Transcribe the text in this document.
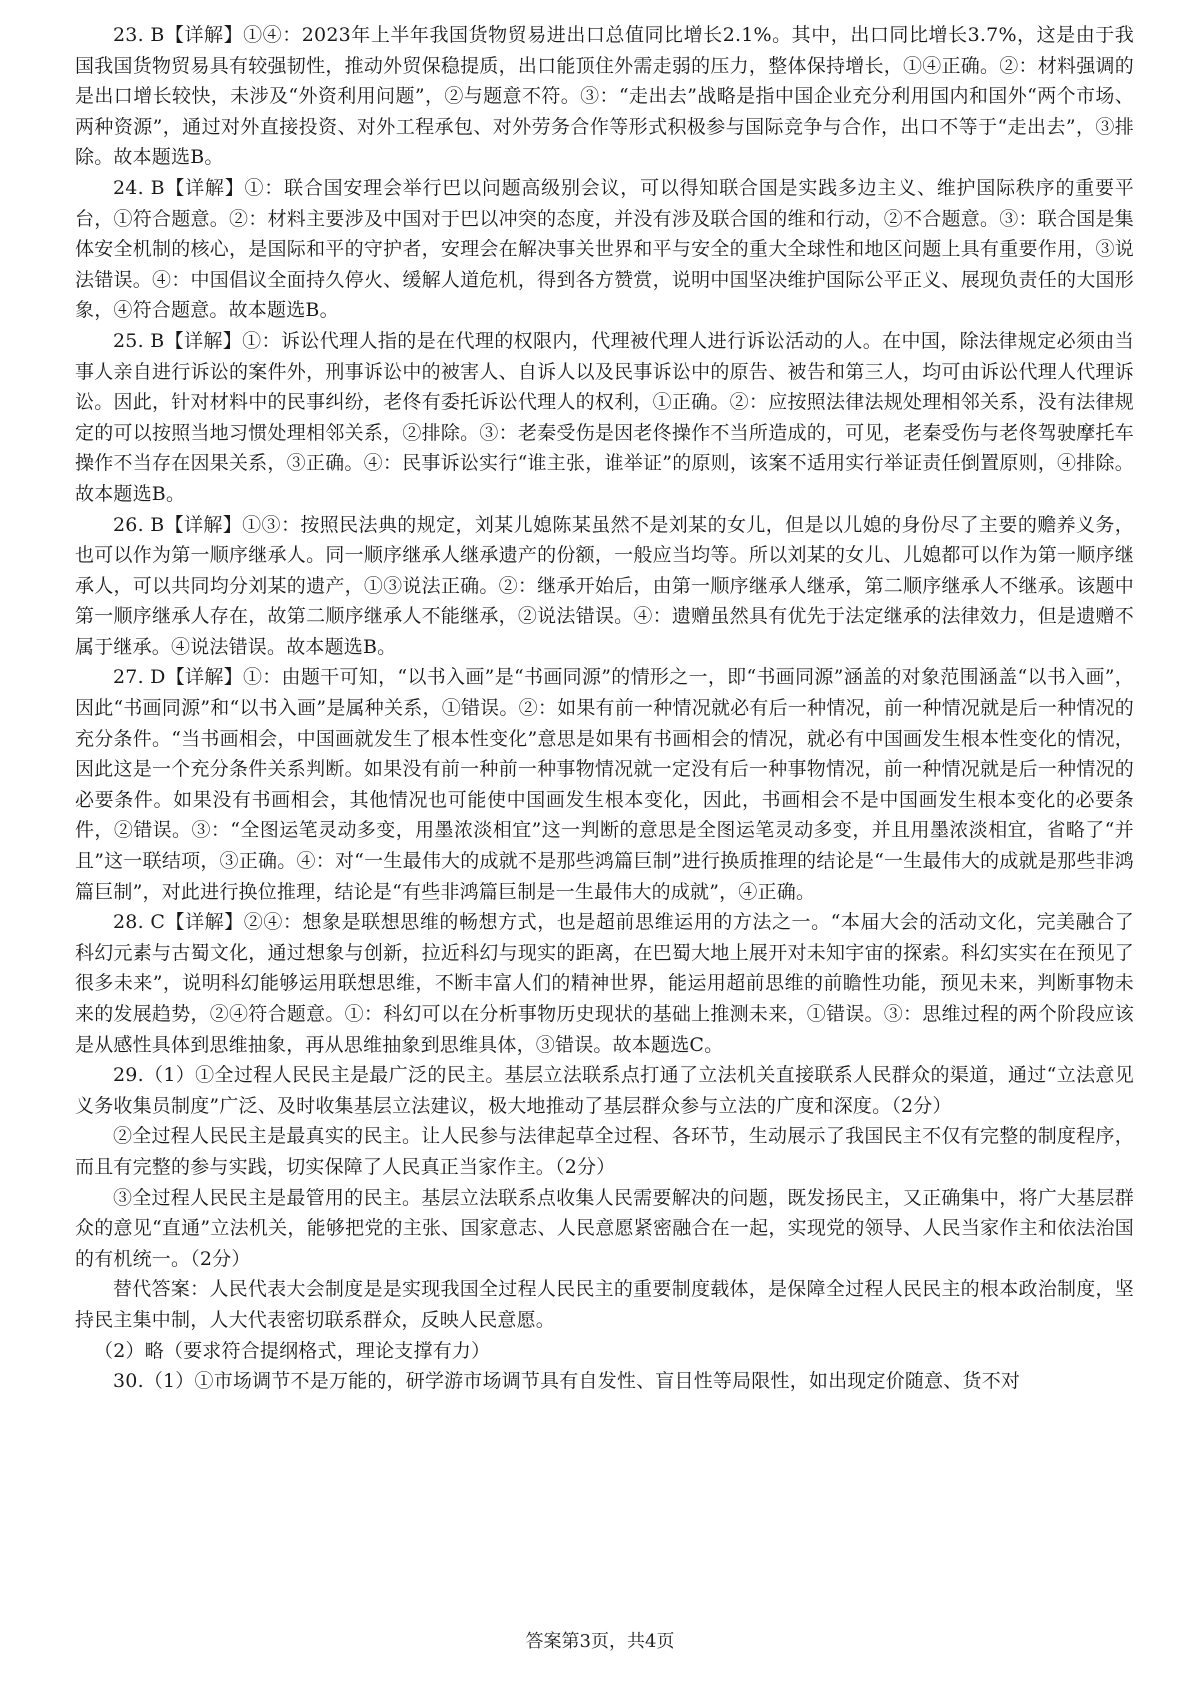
23. B【详解】①④：2023年上半年我国货物贸易进出口总值同比增长2.1%。其中，出口同比增长3.7%，这是由于我国我国货物贸易具有较强韧性，推动外贸保稳提质，出口能顶住外需走弱的压力，整体保持增长，①④正确。②：材料强调的是出口增长较快，未涉及“外资利用问题”，②与题意不符。③：“走出去”战略是指中国企业充分利用国内和国外“两个市场、两种资源”，通过对外直接投资、对外工程承包、对外劳务合作等形式积极参与国际竞争与合作，出口不等于“走出去”，③排除。故本题选B。

24. B【详解】①：联合国安理会举行巴以问题高级别会议，可以得知联合国是实践多边主义、维护国际秩序的重要平台，①符合题意。②：材料主要涉及中国对于巴以冲突的态度，并没有涉及联合国的维和行动，②不合题意。③：联合国是集体安全机制的核心，是国际和平的守护者，安理会在解决事关世界和平与安全的重大全球性和地区问题上具有重要作用，③说法错误。④：中国倡议全面持久停火、缓解人道危机，得到各方赞赏，说明中国坚决维护国际公平正义、展现负责任的大国形象，④符合题意。故本题选B。

25. B【详解】①：诉讼代理人指的是在代理的权限内，代理被代理人进行诉讼活动的人。在中国，除法律规定必须由当事人亲自进行诉讼的案件外，刑事诉讼中的被害人、自诉人以及民事诉讼中的原告、被告和第三人，均可由诉讼代理人代理诉讼。因此，针对材料中的民事纠纷，老佟有委托诉讼代理人的权利，①正确。②：应按照法律法规处理相邻关系，没有法律规定的可以按照当地习惯处理相邻关系，②排除。③：老秦受伤是因老佟操作不当所造成的，可见，老秦受伤与老佟驾驶摩托车操作不当存在因果关系，③正确。④：民事诉讼实行“谁主张，谁举证”的原则，该案不适用实行举证责任倒置原则，④排除。故本题选B。

26. B【详解】①③：按照民法典的规定，刘某儿媳陈某虽然不是刘某的女儿，但是以儿媳的身份尽了主要的赡养义务，也可以作为第一顺序继承人。同一顺序继承人继承遗产的份额，一般应当均等。所以刘某的女儿、儿媳都可以作为第一顺序继承人，可以共同均分刘某的遗产，①③说法正确。②：继承开始后，由第一顺序继承人继承，第二顺序继承人不继承。该题中第一顺序继承人存在，故第二顺序继承人不能继承，②说法错误。④：遗赠虽然具有优先于法定继承的法律效力，但是遗赠不属于继承。④说法错误。故本题选B。

27. D【详解】①：由题干可知，“以书入画”是“书画同源”的情形之一，即“书画同源”涵盖的对象范围涵盖“以书入画”，因此“书画同源”和“以书入画”是属种关系，①错误。②：如果有前一种情况就必有后一种情况，前一种情况就是后一种情况的充分条件。“当书画相会，中国画就发生了根本性变化”意思是如果有书画相会的情况，就必有中国画发生根本性变化的情况，因此这是一个充分条件关系判断。如果没有前一种前一种事物情况就一定没有后一种事物情况，前一种情况就是后一种情况的必要条件。如果没有书画相会，其他情况也可能使中国画发生根本变化，因此，书画相会不是中国画发生根本变化的必要条件，②错误。③：“全图运笔灵动多变，用墨浓淡相宜”这一判断的意思是全图运笔灵动多变，并且用墨浓淡相宜，省略了“并且”这一联结项，③正确。④：对“一生最伟大的成就不是那些鸿篇巨制”进行换质推理的结论是“一生最伟大的成就是那些非鸿篇巨制”，对此进行换位推理，结论是“有些非鸿篇巨制是一生最伟大的成就”，④正确。

28. C【详解】②④：想象是联想思维的畅想方式，也是超前思维运用的方法之一。“本届大会的活动文化，完美融合了科幻元素与古蜀文化，通过想象与创新，拉近科幻与现实的距离，在巴蜀大地上展开对未知宇宙的探索。科幻实实在在预见了很多未来”，说明科幻能够运用联想思维，不断丰富人们的精神世界，能运用超前思维的前瞻性功能，预见未来，判断事物未来的发展趋势，②④符合题意。①：科幻可以在分析事物历史现状的基础上推测未来，①错误。③：思维过程的两个阶段应该是从感性具体到思维抽象，再从思维抽象到思维具体，③错误。故本题选C。

29.（1）①全过程人民民主是最广泛的民主。基层立法联系点打通了立法机关直接联系人民群众的渠道，通过“立法意见义务收集员制度”广泛、及时收集基层立法建议，极大地推动了基层群众参与立法的广度和深度。（2分）

②全过程人民民主是最真实的民主。让人民参与法律起草全过程、各环节，生动展示了我国民主不仅有完整的制度程序，而且有完整的参与实践，切实保障了人民真正当家作主。（2分）

③全过程人民民主是最管用的民主。基层立法联系点收集人民需要解决的问题，既发扬民主，又正确集中，将广大基层群众的意见“直通”立法机关，能够把党的主张、国家意志、人民意愿紧密融合在一起，实现党的领导、人民当家作主和依法治国的有机统一。（2分）

替代答案：人民代表大会制度是是实现我国全过程人民民主的重要制度载体，是保障全过程人民民主的根本政治制度，坚持民主集中制，人大代表密切联系群众，反映人民意愿。

（2）略（要求符合提纲格式，理论支撑有力）

30.（1）①市场调节不是万能的，研学游市场调节具有自发性、盲目性等局限性，如出现定价随意、货不对

答案第3页，共4页
